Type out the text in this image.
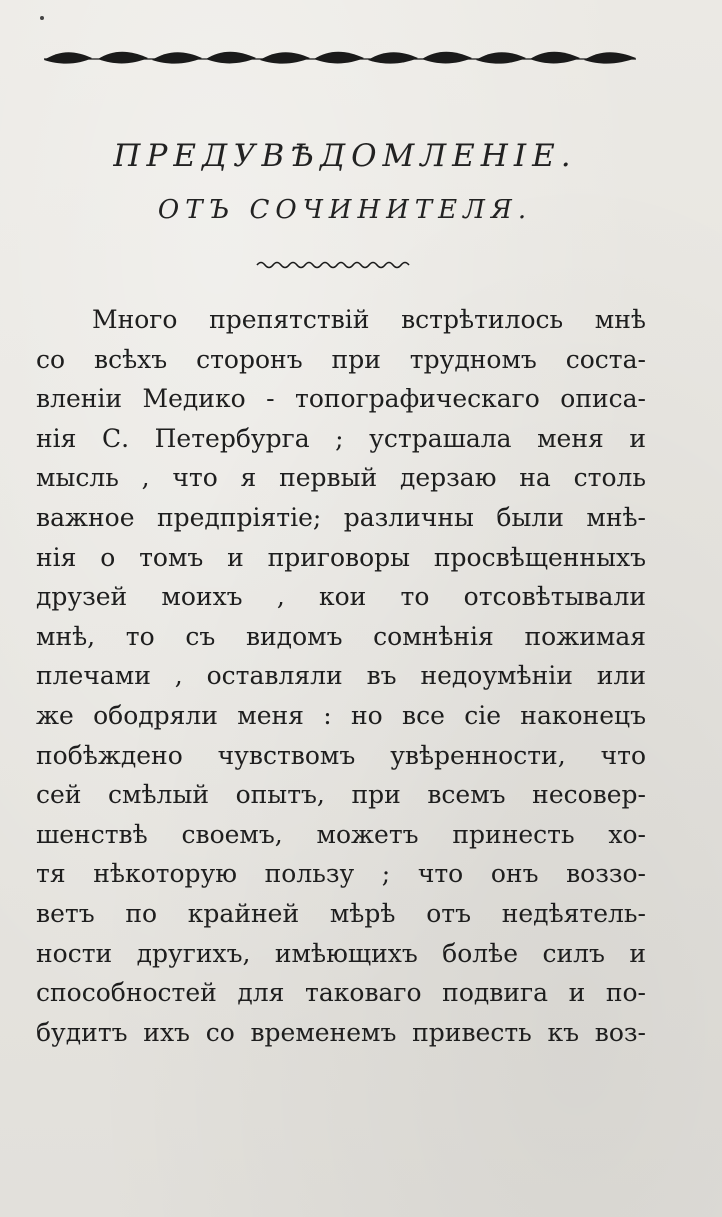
ПРЕДУВѢДОМЛЕНІЕ.
ОТЪ СОЧИНИТЕЛЯ.
Много препятствій встрѣтилось мнѣ
со всѣхъ сторонъ при трудномъ соста-
вленіи Медико - топографическаго описа-
нія С. Петербурга ; устрашала меня и
мысль , что я первый дерзаю на столь
важное предпріятіе; различны были мнѣ-
нія о томъ и приговоры просвѣщенныхъ
друзей моихъ , кои то отсовѣтывали
мнѣ, то съ видомъ сомнѣнія пожимая
плечами , оставляли въ недоумѣніи или
же ободряли меня : но все сіе наконецъ
побѣждено чувствомъ увѣренности, что
сей смѣлый опытъ, при всемъ несовер-
шенствѣ своемъ, можетъ принесть хо-
тя нѣкоторую пользу ; что онъ воззо-
ветъ по крайней мѣрѣ отъ недѣятель-
ности другихъ, имѣющихъ болѣе силъ и
способностей для таковаго подвига и по-
будитъ ихъ со временемъ привесть къ воз-
